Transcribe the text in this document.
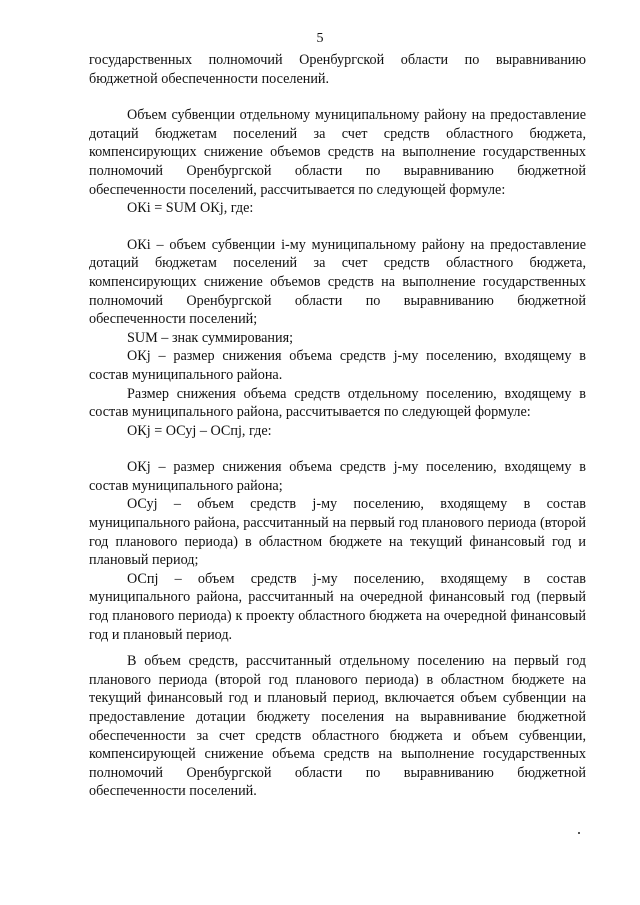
5

государственных полномочий Оренбургской области по выравниванию бюджетной обеспеченности поселений.

Объем субвенции отдельному муниципальному району на предоставление дотаций бюджетам поселений за счет средств областного бюджета, компенсирующих снижение объемов средств на выполнение государственных полномочий Оренбургской области по выравниванию бюджетной обеспеченности поселений, рассчитывается по следующей формуле:

ОКi = SUM ОКj, где:

ОКi – объем субвенции i-му муниципальному району на предоставление дотаций бюджетам поселений за счет средств областного бюджета, компенсирующих снижение объемов средств на выполнение государственных полномочий Оренбургской области по выравниванию бюджетной обеспеченности поселений;

SUM – знак суммирования;

ОКj – размер снижения объема средств j-му поселению, входящему в состав муниципального района.

Размер снижения объема средств отдельному поселению, входящему в состав муниципального района, рассчитывается по следующей формуле:

ОКj = ОСуj – ОСпj, где:

ОКj – размер снижения объема средств j-му поселению, входящему в состав муниципального района;

ОСуj – объем средств j-му поселению, входящему в состав муниципального района, рассчитанный на первый год планового периода (второй год планового периода) в областном бюджете на текущий финансовый год и плановый период;

ОСпj – объем средств j-му поселению, входящему в состав муниципального района, рассчитанный на очередной финансовый год (первый год планового периода) к проекту областного бюджета на очередной финансовый год и плановый период.

В объем средств, рассчитанный отдельному поселению на первый год планового периода (второй год планового периода) в областном бюджете на текущий финансовый год и плановый период, включается объем субвенции на предоставление дотации бюджету поселения на выравнивание бюджетной обеспеченности за счет средств областного бюджета и объем субвенции, компенсирующей снижение объема средств на выполнение государственных полномочий Оренбургской области по выравниванию бюджетной обеспеченности поселений.
